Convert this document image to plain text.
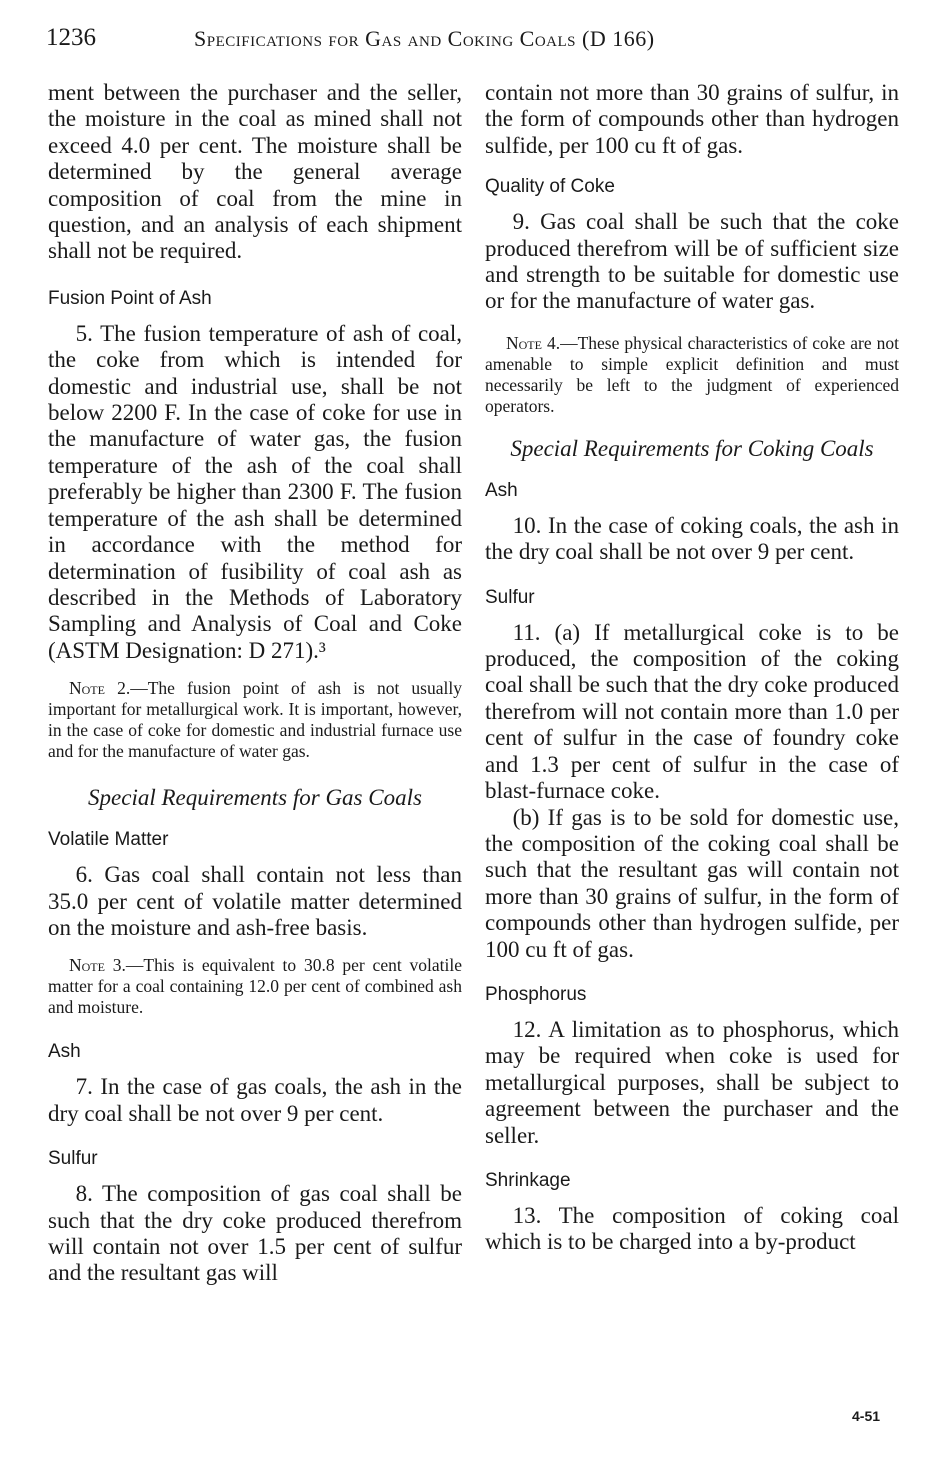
1236	Specifications for Gas and Coking Coals (D 166)

ment between the purchaser and the seller, the moisture in the coal as mined shall not exceed 4.0 per cent. The moisture shall be determined by the general average composition of coal from the mine in question, and an analysis of each shipment shall not be required.

Fusion Point of Ash

5. The fusion temperature of ash of coal, the coke from which is intended for domestic and industrial use, shall be not below 2200 F. In the case of coke for use in the manufacture of water gas, the fusion temperature of the ash of the coal shall preferably be higher than 2300 F. The fusion temperature of the ash shall be determined in accordance with the method for determination of fusibility of coal ash as described in the Methods of Laboratory Sampling and Analysis of Coal and Coke (ASTM Designation: D 271).³

Note 2.—The fusion point of ash is not usually important for metallurgical work. It is important, however, in the case of coke for domestic and industrial furnace use and for the manufacture of water gas.

Special Requirements for Gas Coals
Volatile Matter

6. Gas coal shall contain not less than 35.0 per cent of volatile matter determined on the moisture and ash-free basis.

Note 3.—This is equivalent to 30.8 per cent volatile matter for a coal containing 12.0 per cent of combined ash and moisture.

Ash

7. In the case of gas coals, the ash in the dry coal shall be not over 9 per cent.

Sulfur

8. The composition of gas coal shall be such that the dry coke produced therefrom will contain not over 1.5 per cent of sulfur and the resultant gas will

contain not more than 30 grains of sulfur, in the form of compounds other than hydrogen sulfide, per 100 cu ft of gas.

Quality of Coke

9. Gas coal shall be such that the coke produced therefrom will be of sufficient size and strength to be suitable for domestic use or for the manufacture of water gas.

Note 4.—These physical characteristics of coke are not amenable to simple explicit definition and must necessarily be left to the judgment of experienced operators.

Special Requirements for Coking Coals
Ash

10. In the case of coking coals, the ash in the dry coal shall be not over 9 per cent.

Sulfur

11. (a) If metallurgical coke is to be produced, the composition of the coking coal shall be such that the dry coke produced therefrom will not contain more than 1.0 per cent of sulfur in the case of foundry coke and 1.3 per cent of sulfur in the case of blast-furnace coke.

(b) If gas is to be sold for domestic use, the composition of the coking coal shall be such that the resultant gas will contain not more than 30 grains of sulfur, in the form of compounds other than hydrogen sulfide, per 100 cu ft of gas.

Phosphorus

12. A limitation as to phosphorus, which may be required when coke is used for metallurgical purposes, shall be subject to agreement between the purchaser and the seller.

Shrinkage

13. The composition of coking coal which is to be charged into a by-product

4-51
